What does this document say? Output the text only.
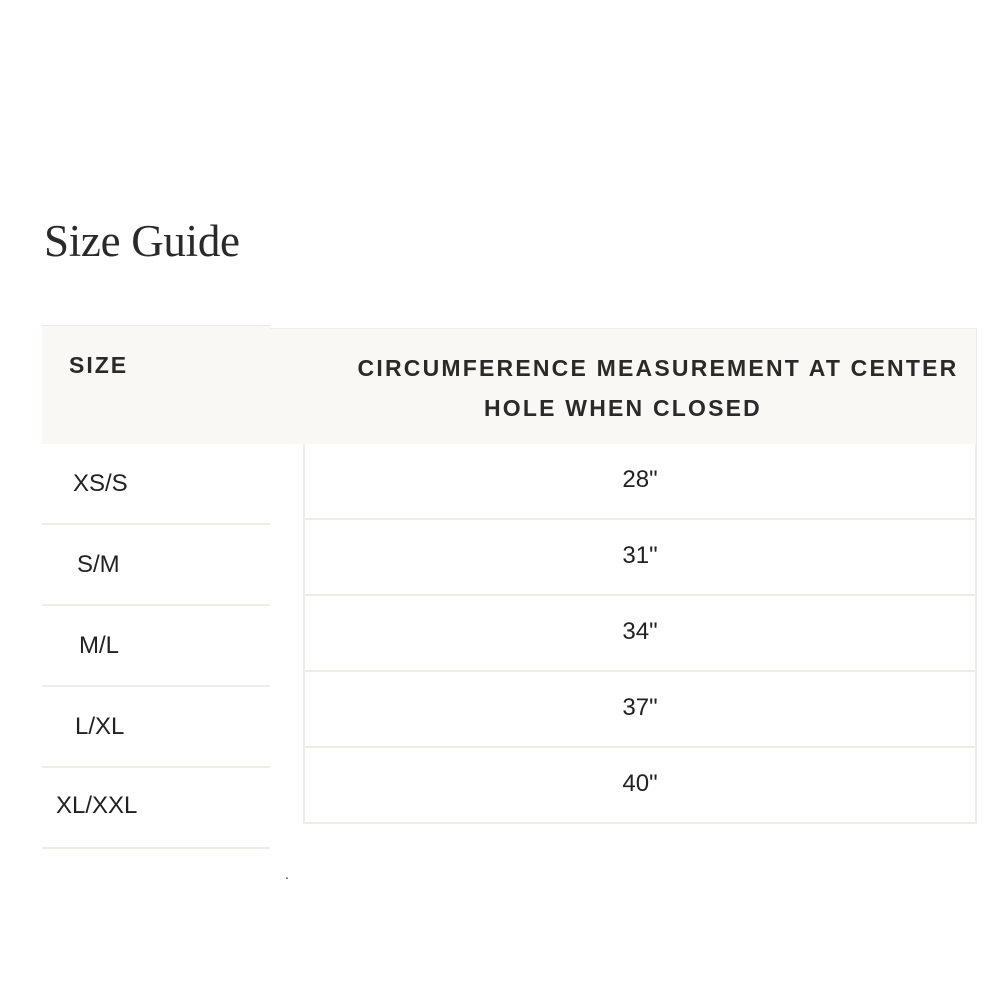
Size Guide
SIZE
XS/S
S/M
M/L
L/XL
XL/XXL
CIRCUMFERENCE MEASUREMENT AT CENTER
HOLE WHEN CLOSED
28"
31"
34"
37"
40"
.
